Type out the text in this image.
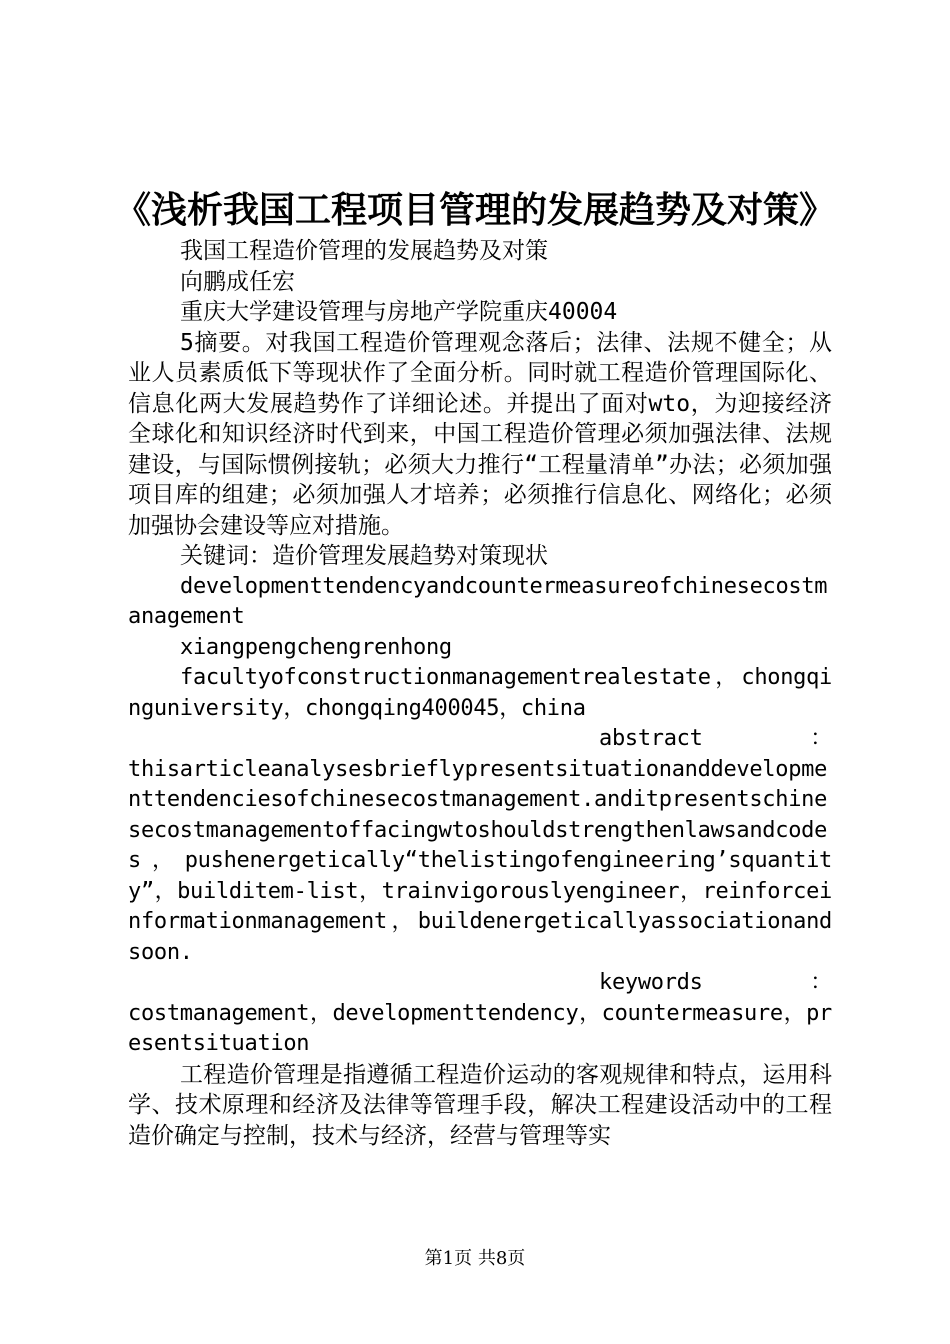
《浅析我国工程项目管理的发展趋势及对策》

我国工程造价管理的发展趋势及对策

向鹏成任宏

重庆大学建设管理与房地产学院重庆40004

5摘要。对我国工程造价管理观念落后；法律、法规不健全；从业人员素质低下等现状作了全面分析。同时就工程造价管理国际化、信息化两大发展趋势作了详细论述。并提出了面对wto，为迎接经济全球化和知识经济时代到来，中国工程造价管理必须加强法律、法规建设，与国际惯例接轨；必须大力推行“工程量清单”办法；必须加强项目库的组建；必须加强人才培养；必须推行信息化、网络化；必须加强协会建设等应对措施。

关键词：造价管理发展趋势对策现状

developmenttendencyandcountermeasureofchinesecostmanagement

xiangpengchengrenhong

facultyofconstructionmanagementrealestate，chongqinguniversity，chongqing400045，china

abstract	：

thisarticleanalysesbrieflypresentsituationanddevelopmenttendenciesofchinesecostmanagement.anditpresentschinesecostmanagementoffacingwtoshouldstrengthenlawsandcodes，pushenergetically“thelistingofengineering’squantity”，builditem-list，trainvigorouslyengineer，reinforceinformationmanagement，buildenergeticallyassociationandsoon.

keywords	：

costmanagement，developmenttendency，countermeasure，presentsituation

工程造价管理是指遵循工程造价运动的客观规律和特点，运用科学、技术原理和经济及法律等管理手段，解决工程建设活动中的工程造价确定与控制，技术与经济，经营与管理等实

第1页 共8页
